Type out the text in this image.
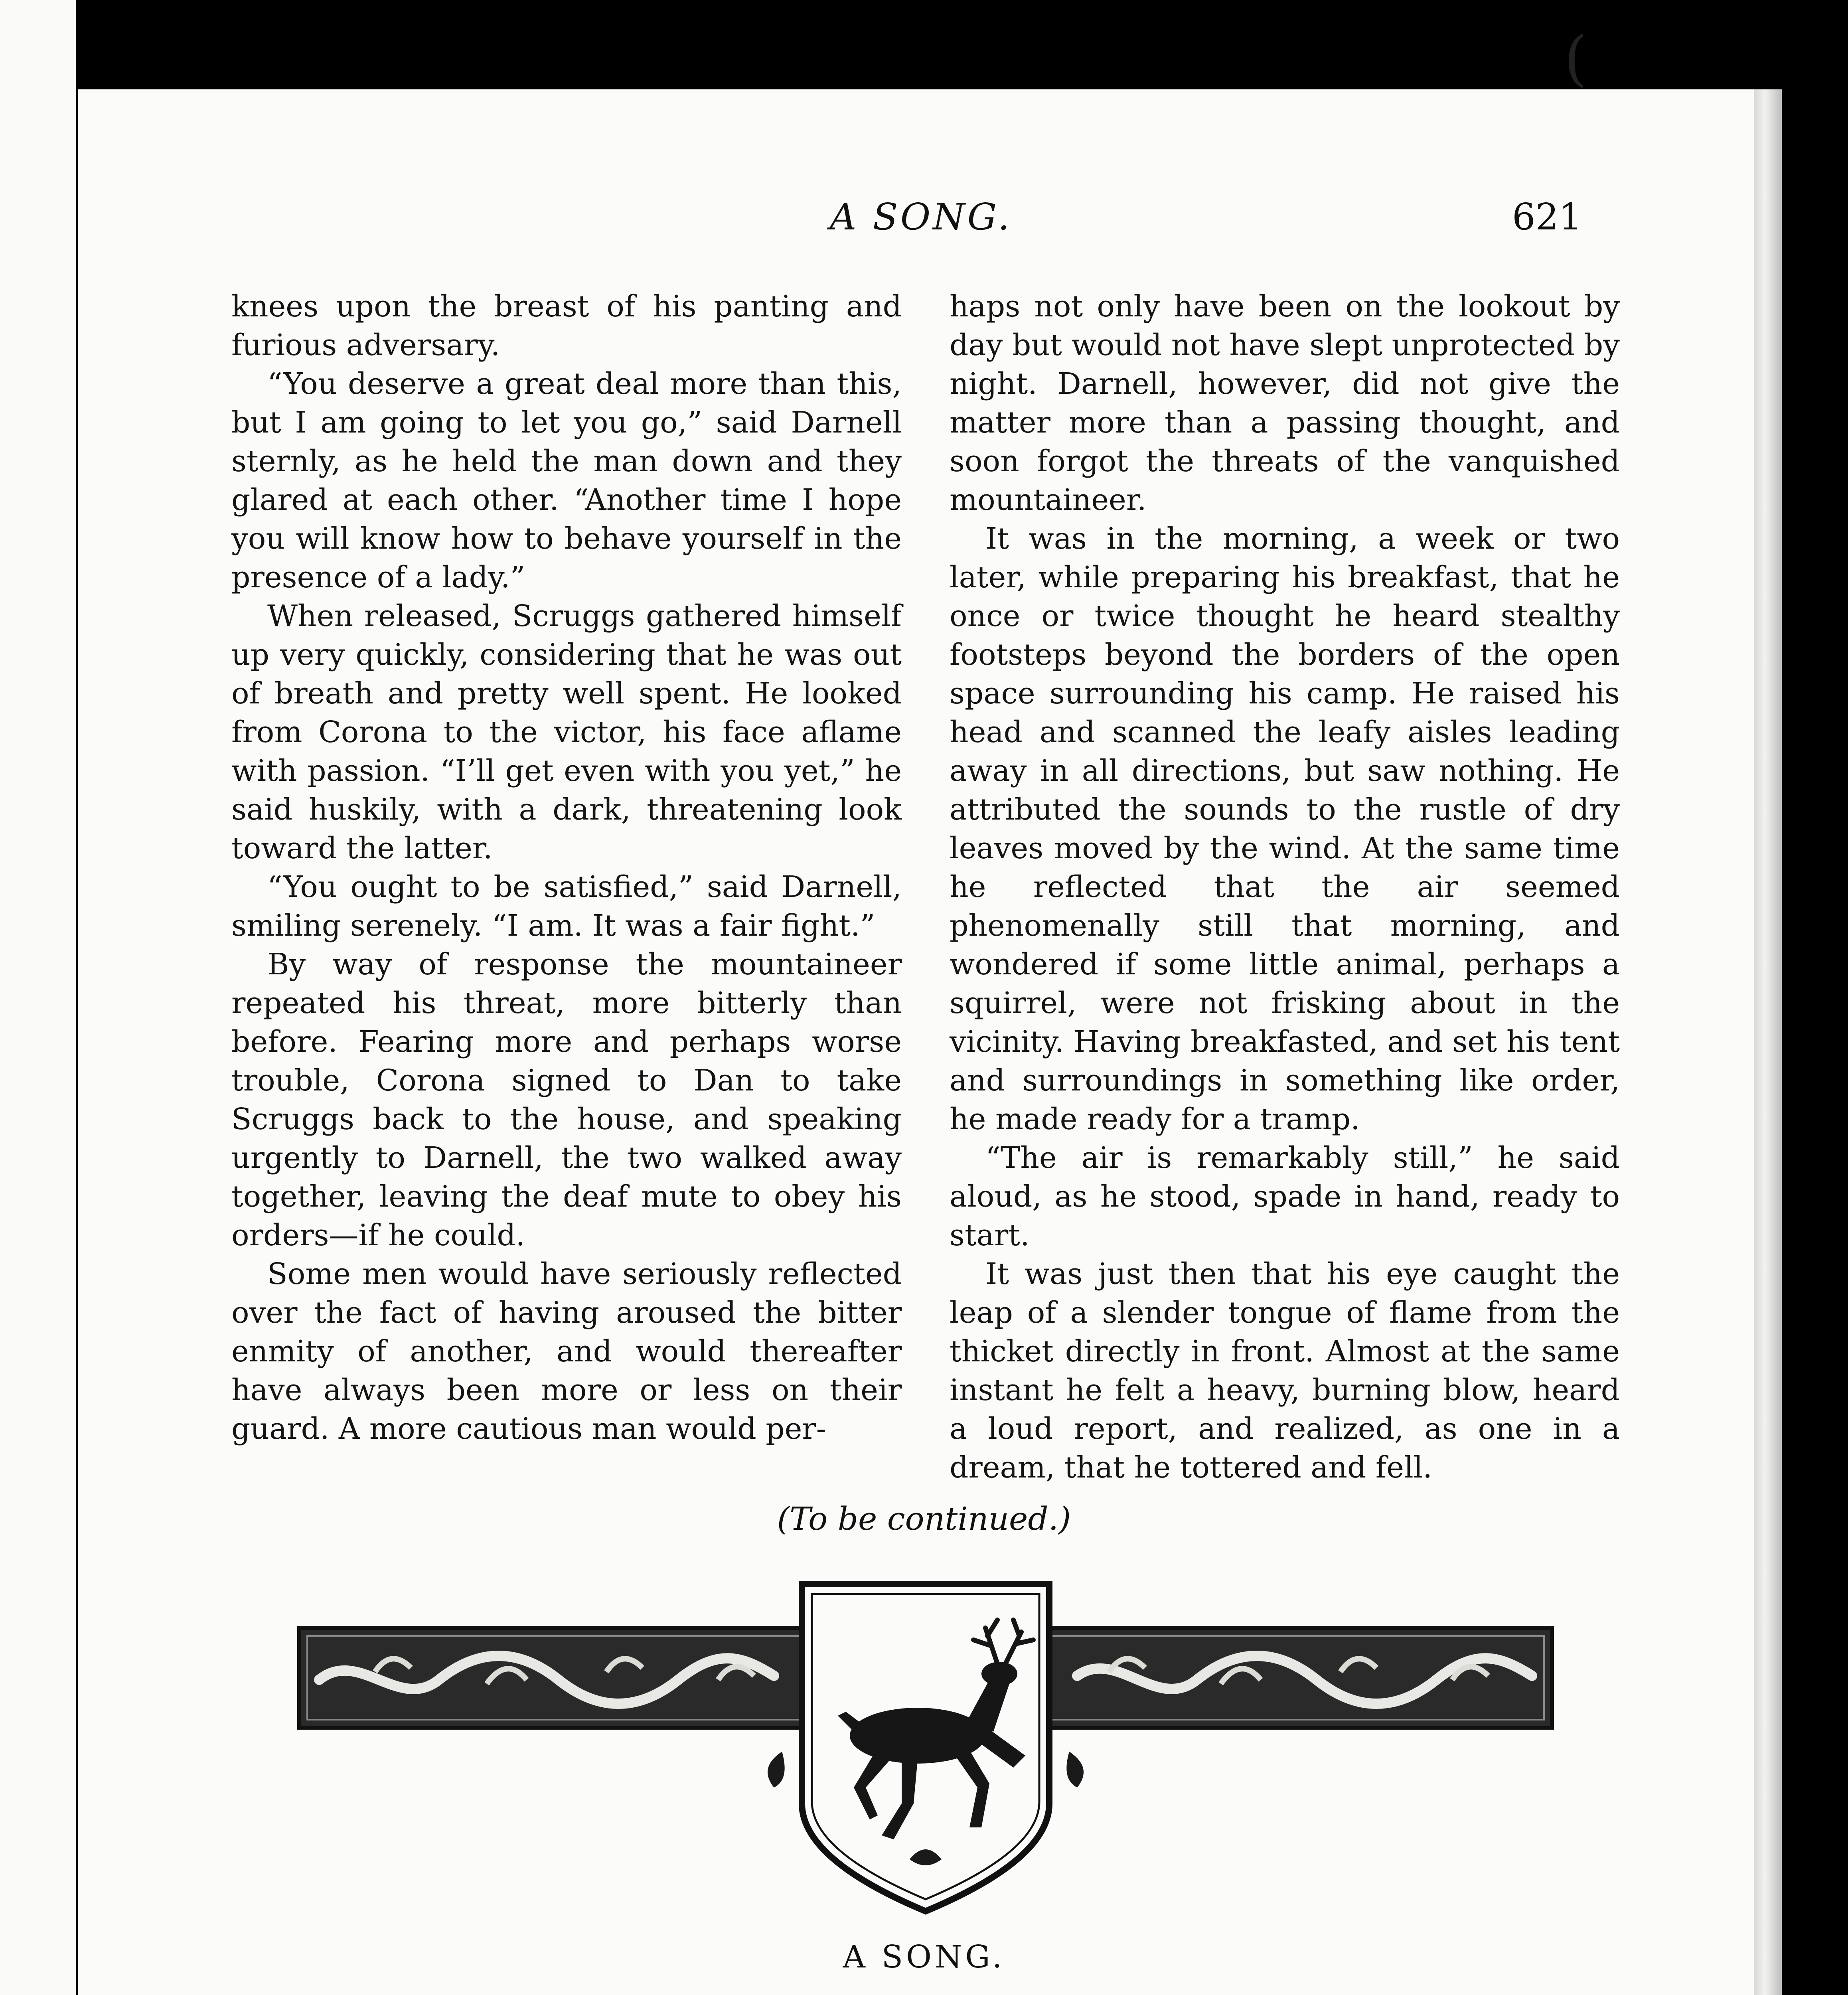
(
A SONG.	621

knees upon the breast of his panting and furious adversary.

“You deserve a great deal more than this, but I am going to let you go,” said Darnell sternly, as he held the man down and they glared at each other. “Another time I hope you will know how to behave yourself in the presence of a lady.”

When released, Scruggs gathered himself up very quickly, considering that he was out of breath and pretty well spent. He looked from Corona to the victor, his face aflame with passion. “I’ll get even with you yet,” he said huskily, with a dark, threatening look toward the latter.

“You ought to be satisfied,” said Darnell, smiling serenely. “I am. It was a fair fight.”

By way of response the mountaineer repeated his threat, more bitterly than before. Fearing more and perhaps worse trouble, Corona signed to Dan to take Scruggs back to the house, and speaking urgently to Darnell, the two walked away together, leaving the deaf mute to obey his orders—if he could.

Some men would have seriously reflected over the fact of having aroused the bitter enmity of another, and would thereafter have always been more or less on their guard. A more cautious man would per-

haps not only have been on the lookout by day but would not have slept unprotected by night. Darnell, however, did not give the matter more than a passing thought, and soon forgot the threats of the vanquished mountaineer.

It was in the morning, a week or two later, while preparing his breakfast, that he once or twice thought he heard stealthy footsteps beyond the borders of the open space surrounding his camp. He raised his head and scanned the leafy aisles leading away in all directions, but saw nothing. He attributed the sounds to the rustle of dry leaves moved by the wind. At the same time he reflected that the air seemed phenomenally still that morning, and wondered if some little animal, perhaps a squirrel, were not frisking about in the vicinity. Having breakfasted, and set his tent and surroundings in something like order, he made ready for a tramp.

“The air is remarkably still,” he said aloud, as he stood, spade in hand, ready to start.

It was just then that his eye caught the leap of a slender tongue of flame from the thicket directly in front. Almost at the same instant he felt a heavy, burning blow, heard a loud report, and realized, as one in a dream, that he tottered and fell.

(To be continued.)
A SONG.
